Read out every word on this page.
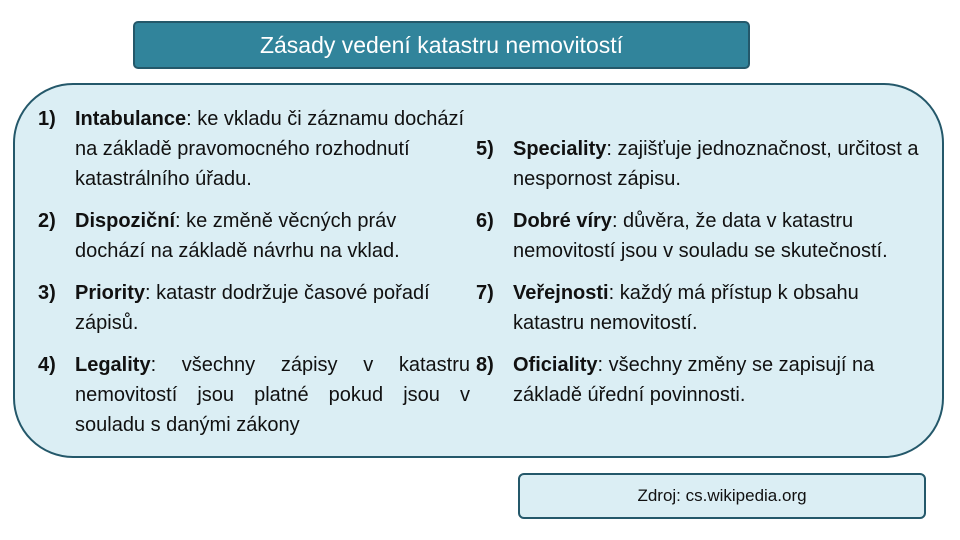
Zásady vedení katastru nemovitostí
1) Intabulance: ke vkladu či záznamu dochází na základě pravomocného rozhodnutí katastrálního úřadu.
2) Dispoziční: ke změně věcných práv dochází na základě návrhu na vklad.
3) Priority: katastr dodržuje časové pořadí zápisů.
4) Legality: všechny zápisy v katastru nemovitostí jsou platné pokud jsou v souladu s danými zákony
5) Speciality: zajišťuje jednoznačnost, určitost a nespornost zápisu.
6) Dobré víry: důvěra, že data v katastru nemovitostí jsou v souladu se skutečností.
7) Veřejnosti: každý má přístup k obsahu katastru nemovitostí.
8) Oficiality: všechny změny se zapisují na základě úřední povinnosti.
Zdroj: cs.wikipedia.org
